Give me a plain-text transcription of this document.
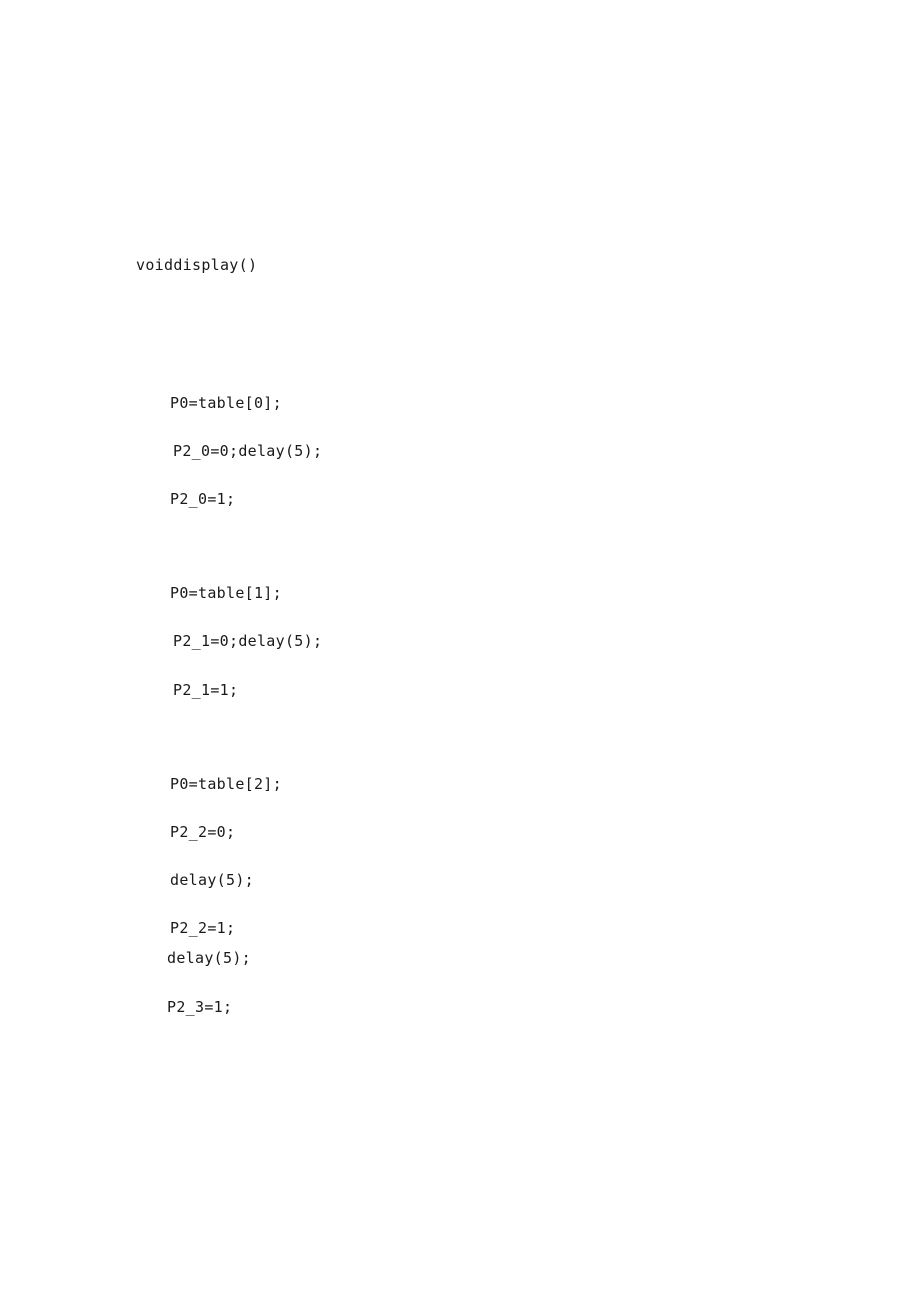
voiddisplay()

P0=table[0];

P2_0=0;delay(5);

P2_0=1;

P0=table[1];

P2_1=0;delay(5);

P2_1=1;

P0=table[2];

P2_2=0;

delay(5);

P2_2=1;

delay(5);

P2_3=1;
